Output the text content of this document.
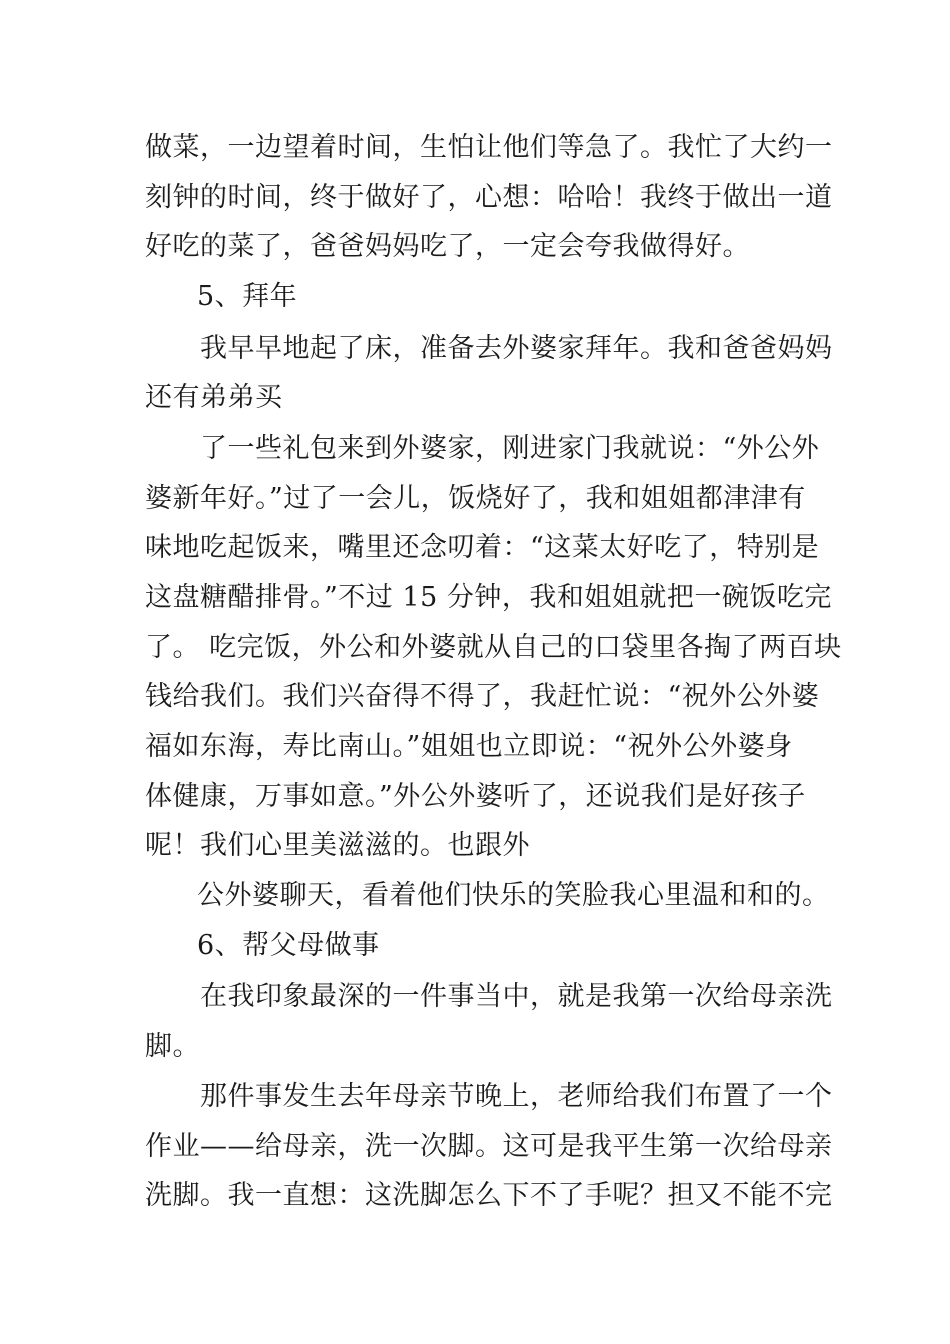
做菜，一边望着时间，生怕让他们等急了。我忙了大约一
刻钟的时间，终于做好了，心想：哈哈！我终于做出一道
好吃的菜了，爸爸妈妈吃了，一定会夸我做得好。
5、拜年
我早早地起了床，准备去外婆家拜年。我和爸爸妈妈
还有弟弟买
了一些礼包来到外婆家，刚进家门我就说：“外公外
婆新年好。”过了一会儿，饭烧好了，我和姐姐都津津有
味地吃起饭来，嘴里还念叨着：“这菜太好吃了，特别是
这盘糖醋排骨。”不过 15 分钟，我和姐姐就把一碗饭吃完
了。 吃完饭，外公和外婆就从自己的口袋里各掏了两百块
钱给我们。我们兴奋得不得了，我赶忙说：“祝外公外婆
福如东海，寿比南山。”姐姐也立即说：“祝外公外婆身
体健康，万事如意。”外公外婆听了，还说我们是好孩子
呢！我们心里美滋滋的。也跟外
公外婆聊天，看着他们快乐的笑脸我心里温和和的。
6、帮父母做事
在我印象最深的一件事当中，就是我第一次给母亲洗
脚。
那件事发生去年母亲节晚上，老师给我们布置了一个
作业——给母亲，洗一次脚。这可是我平生第一次给母亲
洗脚。我一直想：这洗脚怎么下不了手呢？担又不能不完
